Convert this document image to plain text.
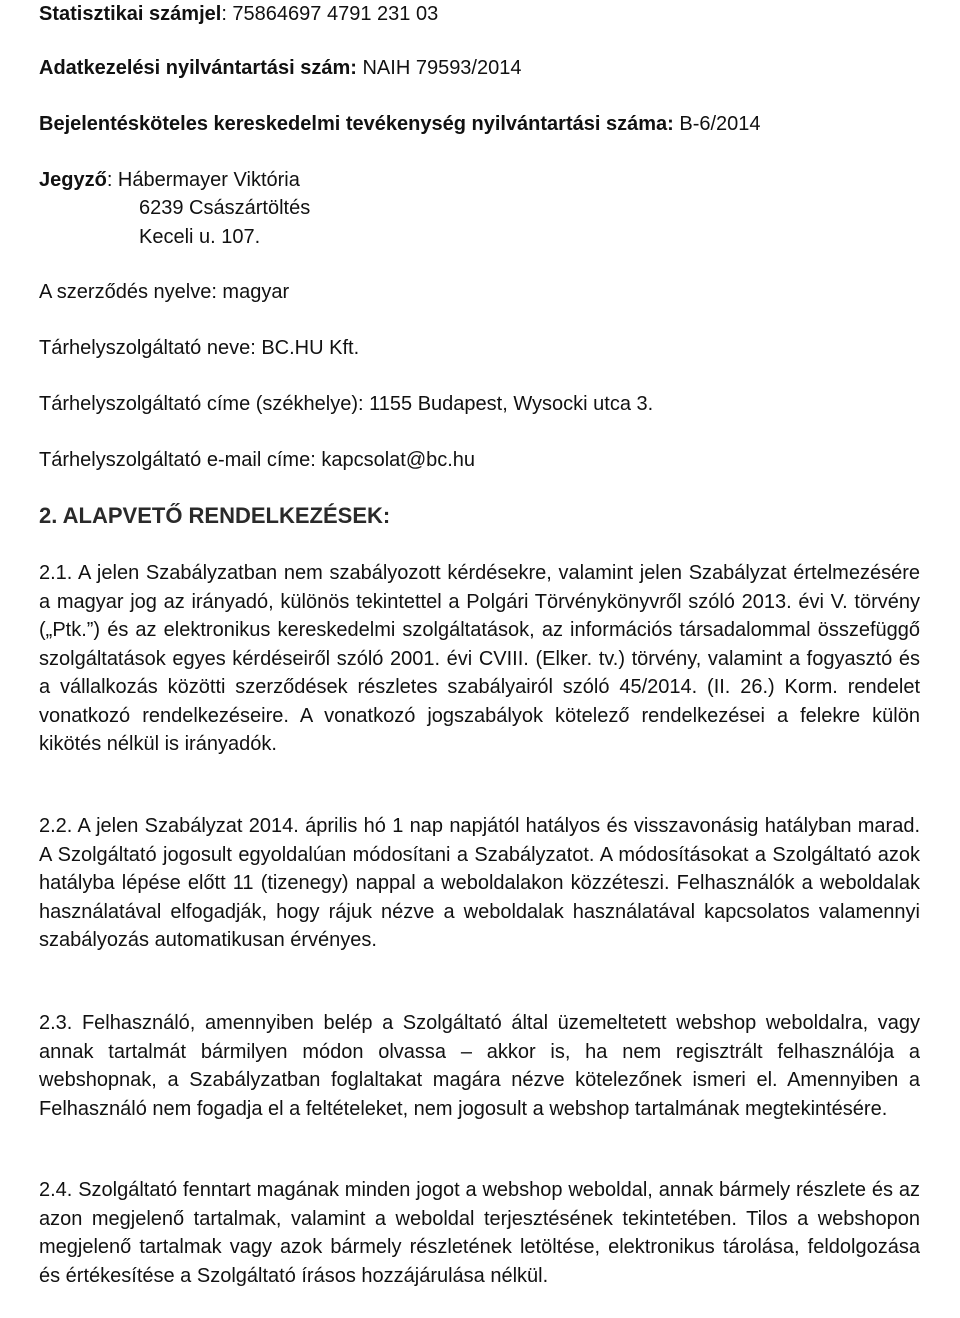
Statisztikai számjel: 75864697 4791 231 03
Adatkezelési nyilvántartási szám: NAIH 79593/2014
Bejelentésköteles kereskedelmi tevékenység nyilvántartási száma: B-6/2014
Jegyző: Hábermayer Viktória
6239 Császártöltés
Keceli u. 107.
A szerződés nyelve: magyar
Tárhelyszolgáltató neve: BC.HU Kft.
Tárhelyszolgáltató címe (székhelye): 1155 Budapest, Wysocki utca 3.
Tárhelyszolgáltató e-mail címe: kapcsolat@bc.hu
2. ALAPVETŐ RENDELKEZÉSEK:
2.1. A jelen Szabályzatban nem szabályozott kérdésekre, valamint jelen Szabályzat értelmezésére a magyar jog az irányadó, különös tekintettel a Polgári Törvénykönyvről szóló 2013. évi V. törvény („Ptk.”) és az elektronikus kereskedelmi szolgáltatások, az információs társadalommal összefüggő szolgáltatások egyes kérdéseiről szóló 2001. évi CVIII. (Elker. tv.) törvény, valamint a fogyasztó és a vállalkozás közötti szerződések részletes szabályairól szóló 45/2014. (II. 26.) Korm. rendelet vonatkozó rendelkezéseire. A vonatkozó jogszabályok kötelező rendelkezései a felekre külön kikötés nélkül is irányadók.
2.2. A jelen Szabályzat 2014. április hó 1 nap napjától hatályos és visszavonásig hatályban marad. A Szolgáltató jogosult egyoldalúan módosítani a Szabályzatot. A módosításokat a Szolgáltató azok hatályba lépése előtt 11 (tizenegy) nappal a weboldalakon közzéteszi. Felhasználók a weboldalak használatával elfogadják, hogy rájuk nézve a weboldalak használatával kapcsolatos valamennyi szabályozás automatikusan érvényes.
2.3. Felhasználó, amennyiben belép a Szolgáltató által üzemeltetett webshop weboldalra, vagy annak tartalmát bármilyen módon olvassa – akkor is, ha nem regisztrált felhasználója a webshopnak, a Szabályzatban foglaltakat magára nézve kötelezőnek ismeri el. Amennyiben a Felhasználó nem fogadja el a feltételeket, nem jogosult a webshop tartalmának megtekintésére.
2.4. Szolgáltató fenntart magának minden jogot a webshop weboldal, annak bármely részlete és az azon megjelenő tartalmak, valamint a weboldal terjesztésének tekintetében. Tilos a webshopon megjelenő tartalmak vagy azok bármely részletének letöltése, elektronikus tárolása, feldolgozása és értékesítése a Szolgáltató írásos hozzájárulása nélkül.
